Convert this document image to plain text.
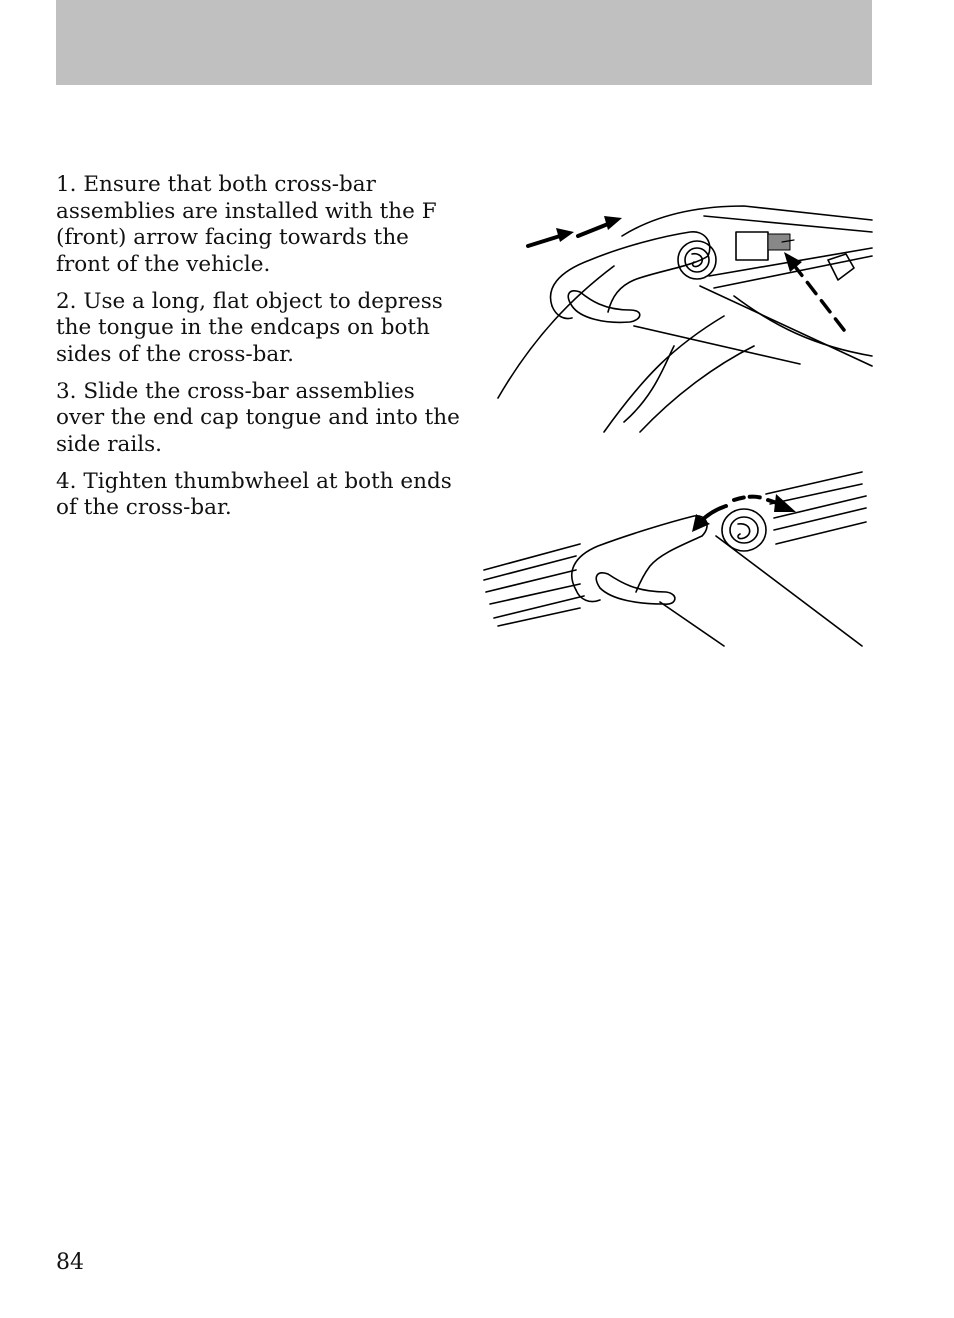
1. Ensure that both cross-bar assemblies are installed with the F (front) arrow facing towards the front of the vehicle.

2. Use a long, flat object to depress the tongue in the endcaps on both sides of the cross-bar.

3. Slide the cross-bar assemblies over the end cap tongue and into the side rails.

4. Tighten thumbwheel at both ends of the cross-bar.

84
